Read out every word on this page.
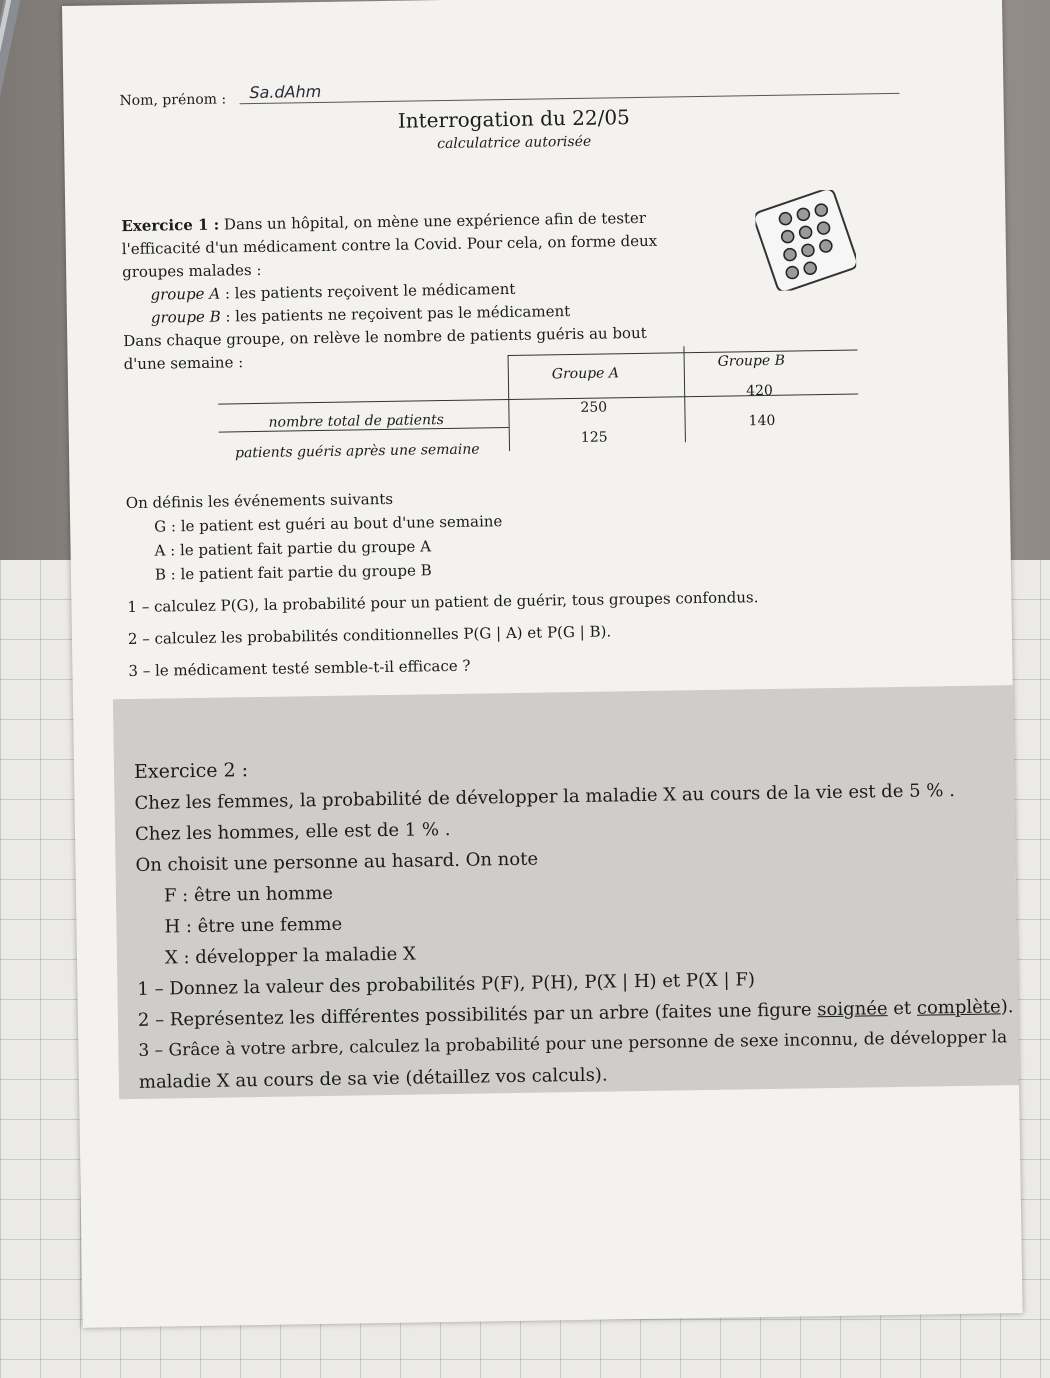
Nom, prénom : Sa.dAhm
Interrogation du 22/05
calculatrice autorisée
Exercice 1 : Dans un hôpital, on mène une expérience afin de tester
l'efficacité d'un médicament contre la Covid. Pour cela, on forme deux
groupes malades :
groupe A : les patients reçoivent le médicament
groupe B : les patients ne reçoivent pas le médicament
Dans chaque groupe, on relève le nombre de patients guéris au bout
d'une semaine :
Groupe A
Groupe B
nombre total de patients
patients guéris après une semaine
250
420
125
140
On définis les événements suivants
G : le patient est guéri au bout d'une semaine
A : le patient fait partie du groupe A
B : le patient fait partie du groupe B
1 – calculez P(G), la probabilité pour un patient de guérir, tous groupes confondus.
2 – calculez les probabilités conditionnelles P(G | A) et P(G | B).
3 – le médicament testé semble-t-il efficace ?
Exercice 2 :
Chez les femmes, la probabilité de développer la maladie X au cours de la vie est de 5 % .
Chez les hommes, elle est de 1 % .
On choisit une personne au hasard. On note
F : être un homme
H : être une femme
X : développer la maladie X
1 – Donnez la valeur des probabilités P(F), P(H), P(X | H) et P(X | F)
2 – Représentez les différentes possibilités par un arbre (faites une figure soignée et complète).
3 – Grâce à votre arbre, calculez la probabilité pour une personne de sexe inconnu, de développer la
maladie X au cours de sa vie (détaillez vos calculs).
